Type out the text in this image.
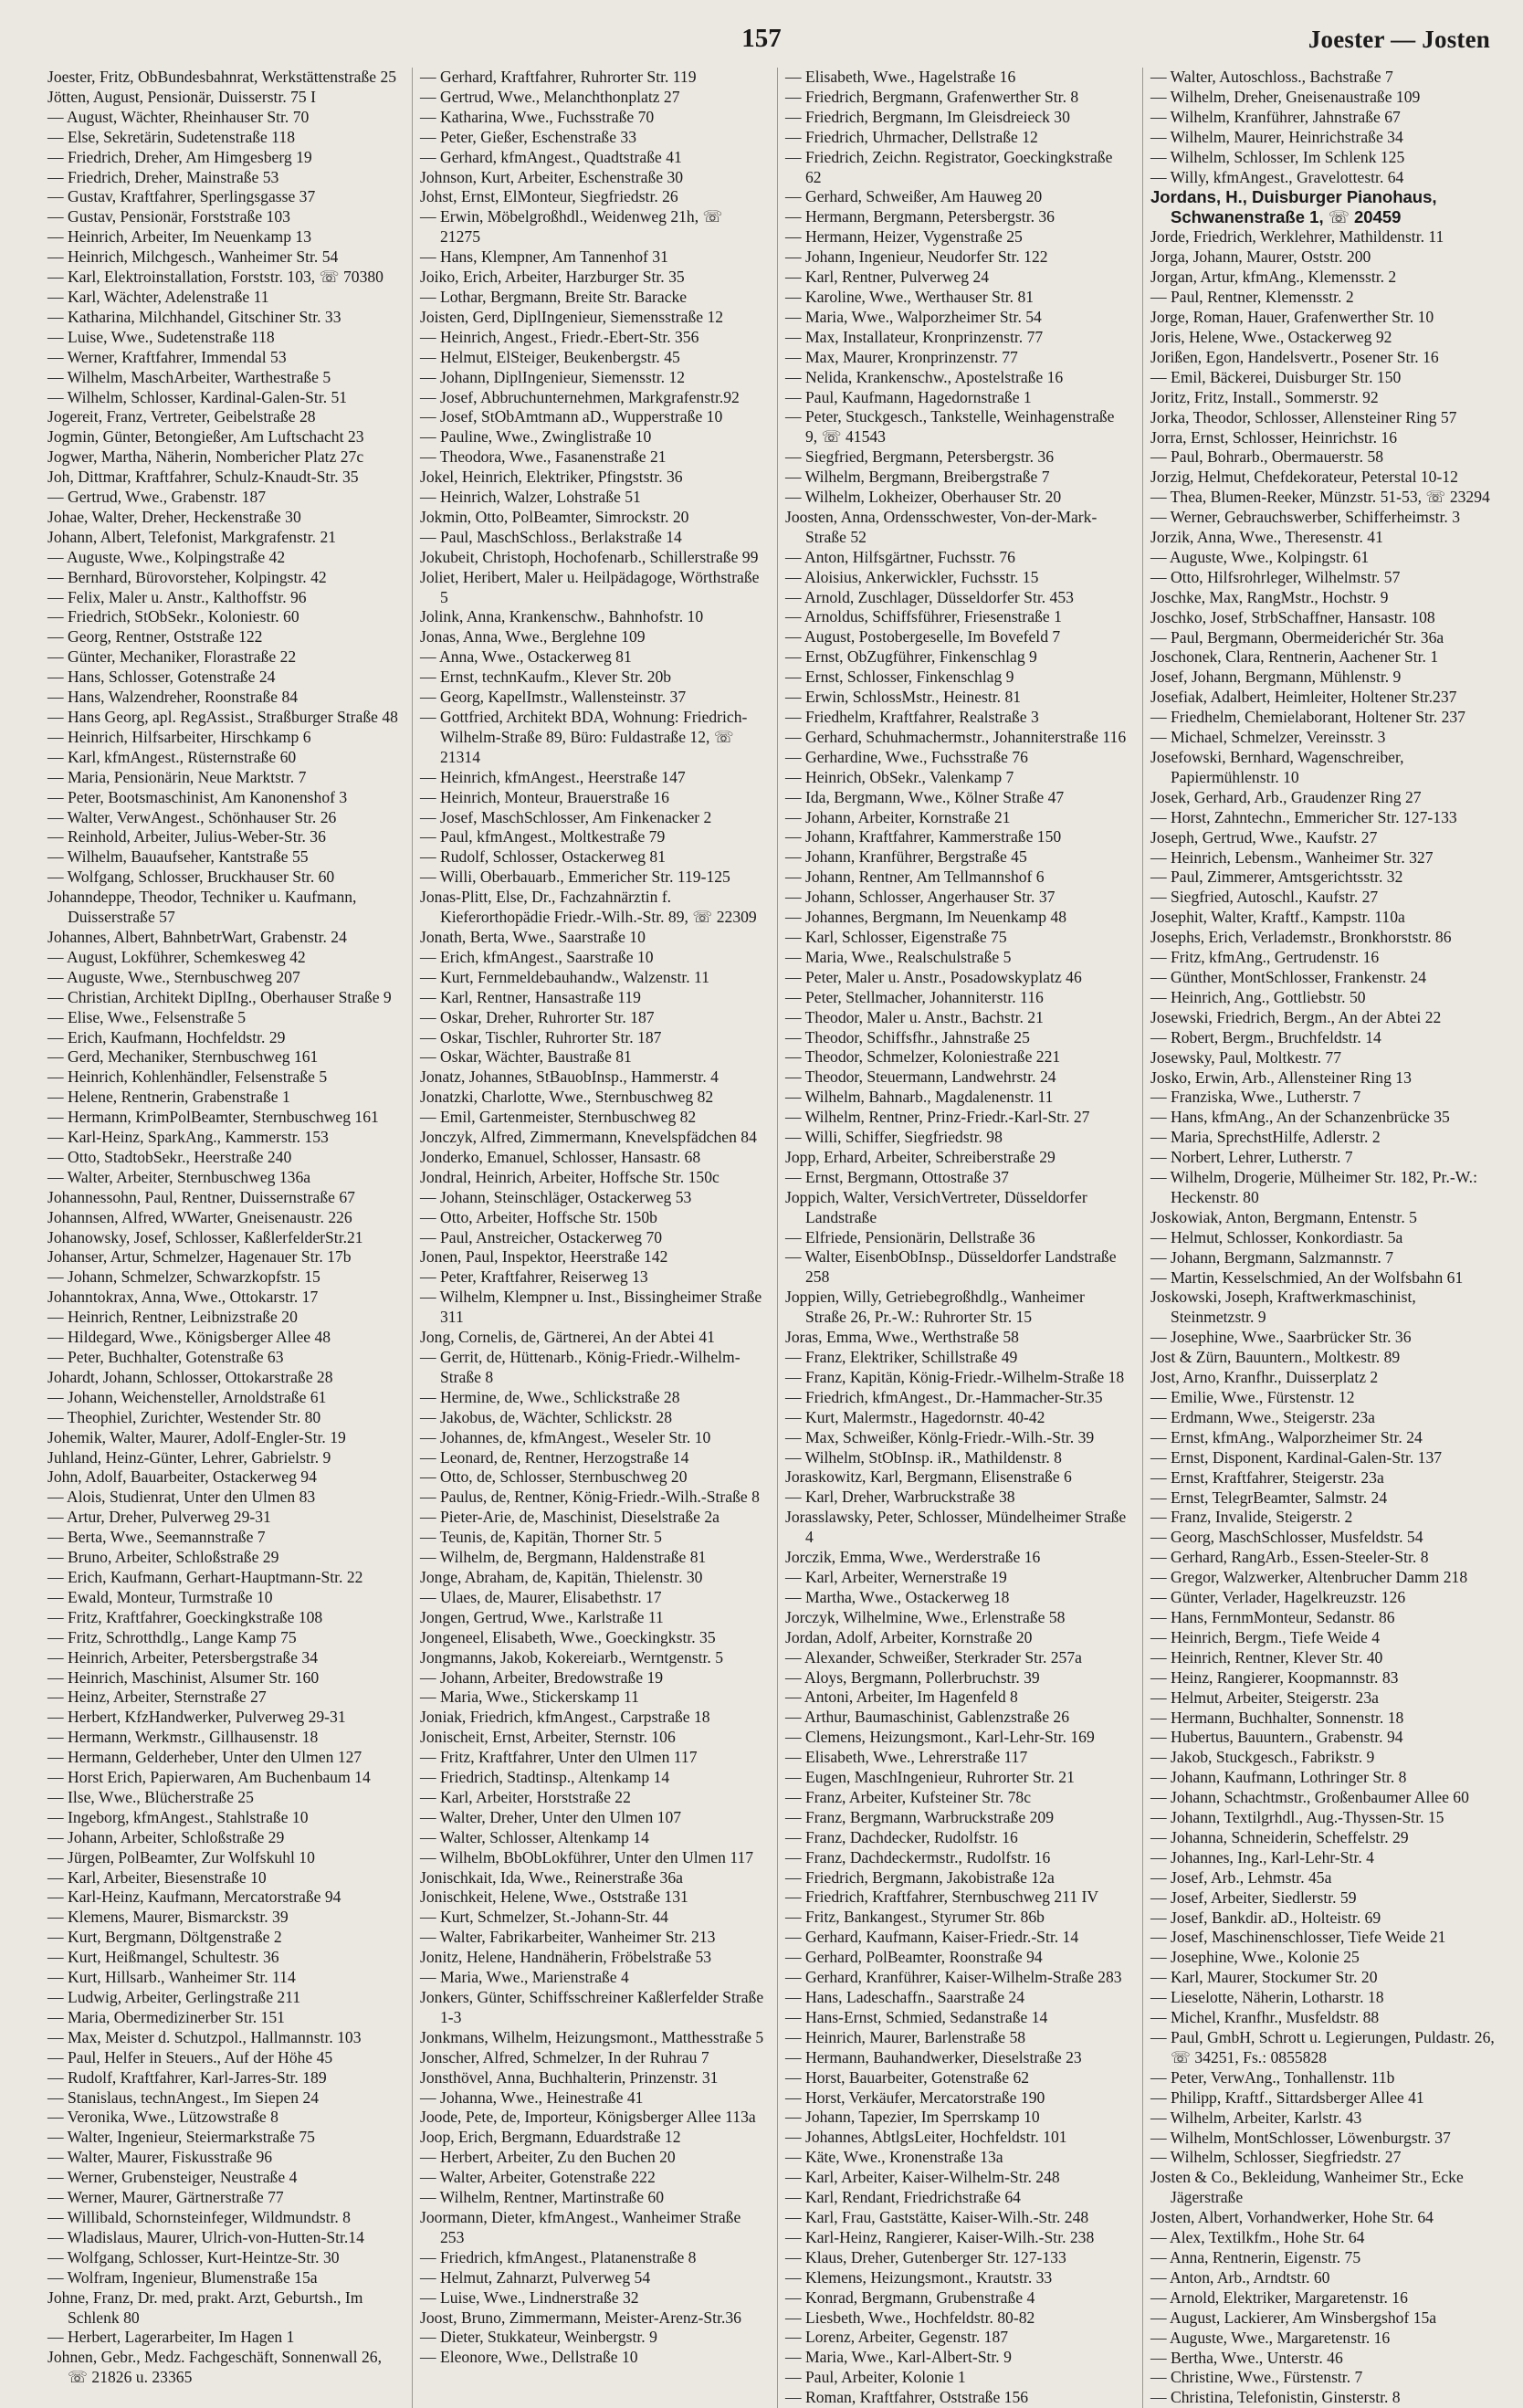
157	Joester — Josten

Joester, Fritz, ObBundesbahnrat, Werkstättenstraße 25

Jötten, August, Pensionär, Duisserstr. 75 I

— August, Wächter, Rheinhauser Str. 70

— Else, Sekretärin, Sudetenstraße 118

— Friedrich, Dreher, Am Himgesberg 19

— Friedrich, Dreher, Mainstraße 53

— Gustav, Kraftfahrer, Sperlingsgasse 37

— Gustav, Pensionär, Forststraße 103

— Heinrich, Arbeiter, Im Neuenkamp 13

— Heinrich, Milchgesch., Wanheimer Str. 54

— Karl, Elektroinstallation, Forststr. 103, ☏ 70380

— Karl, Wächter, Adelenstraße 11

— Katharina, Milchhandel, Gitschiner Str. 33

— Luise, Wwe., Sudetenstraße 118

— Werner, Kraftfahrer, Immendal 53

— Wilhelm, MaschArbeiter, Warthestraße 5

— Wilhelm, Schlosser, Kardinal-Galen-Str. 51

Jogereit, Franz, Vertreter, Geibelstraße 28

Jogmin, Günter, Betongießer, Am Luftschacht 23

Jogwer, Martha, Näherin, Nombericher Platz 27c

Joh, Dittmar, Kraftfahrer, Schulz-Knaudt-Str. 35

— Gertrud, Wwe., Grabenstr. 187

Johae, Walter, Dreher, Heckenstraße 30

Johann, Albert, Telefonist, Markgrafenstr. 21

— Auguste, Wwe., Kolpingstraße 42

— Bernhard, Bürovorsteher, Kolpingstr. 42

— Felix, Maler u. Anstr., Kalthoffstr. 96

— Friedrich, StObSekr., Koloniestr. 60

— Georg, Rentner, Oststraße 122

— Günter, Mechaniker, Florastraße 22

— Hans, Schlosser, Gotenstraße 24

— Hans, Walzendreher, Roonstraße 84

— Hans Georg, apl. RegAssist., Straßburger Straße 48

— Heinrich, Hilfsarbeiter, Hirschkamp 6

— Karl, kfmAngest., Rüsternstraße 60

— Maria, Pensionärin, Neue Marktstr. 7

— Peter, Bootsmaschinist, Am Kanonenshof 3

— Walter, VerwAngest., Schönhauser Str. 26

— Reinhold, Arbeiter, Julius-Weber-Str. 36

— Wilhelm, Bauaufseher, Kantstraße 55

— Wolfgang, Schlosser, Bruckhauser Str. 60

Johanndeppe, Theodor, Techniker u. Kaufmann, Duisserstraße 57

Johannes, Albert, BahnbetrWart, Grabenstr. 24

— August, Lokführer, Schemkesweg 42

— Auguste, Wwe., Sternbuschweg 207

— Christian, Architekt DiplIng., Oberhauser Straße 9

— Elise, Wwe., Felsenstraße 5

— Erich, Kaufmann, Hochfeldstr. 29

— Gerd, Mechaniker, Sternbuschweg 161

— Heinrich, Kohlenhändler, Felsenstraße 5

— Helene, Rentnerin, Grabenstraße 1

— Hermann, KrimPolBeamter, Sternbuschweg 161

— Karl-Heinz, SparkAng., Kammerstr. 153

— Otto, StadtobSekr., Heerstraße 240

— Walter, Arbeiter, Sternbuschweg 136a

Johannessohn, Paul, Rentner, Duissernstraße 67

Johannsen, Alfred, WWarter, Gneisenaustr. 226

Johanowsky, Josef, Schlosser, KaßlerfelderStr.21

Johanser, Artur, Schmelzer, Hagenauer Str. 17b

— Johann, Schmelzer, Schwarzkopfstr. 15

Johanntokrax, Anna, Wwe., Ottokarstr. 17

— Heinrich, Rentner, Leibnizstraße 20

— Hildegard, Wwe., Königsberger Allee 48

— Peter, Buchhalter, Gotenstraße 63

Johardt, Johann, Schlosser, Ottokarstraße 28

— Johann, Weichensteller, Arnoldstraße 61

— Theophiel, Zurichter, Westender Str. 80

Johemik, Walter, Maurer, Adolf-Engler-Str. 19

Juhland, Heinz-Günter, Lehrer, Gabrielstr. 9

John, Adolf, Bauarbeiter, Ostackerweg 94

— Alois, Studienrat, Unter den Ulmen 83

— Artur, Dreher, Pulverweg 29-31

— Berta, Wwe., Seemannstraße 7

— Bruno, Arbeiter, Schloßstraße 29

— Erich, Kaufmann, Gerhart-Hauptmann-Str. 22

— Ewald, Monteur, Turmstraße 10

— Fritz, Kraftfahrer, Goeckingkstraße 108

— Fritz, Schrotthdlg., Lange Kamp 75

— Heinrich, Arbeiter, Petersbergstraße 34

— Heinrich, Maschinist, Alsumer Str. 160

— Heinz, Arbeiter, Sternstraße 27

— Herbert, KfzHandwerker, Pulverweg 29-31

— Hermann, Werkmstr., Gillhausenstr. 18

— Hermann, Gelderheber, Unter den Ulmen 127

— Horst Erich, Papierwaren, Am Buchenbaum 14

— Ilse, Wwe., Blücherstraße 25

— Ingeborg, kfmAngest., Stahlstraße 10

— Johann, Arbeiter, Schloßstraße 29

— Jürgen, PolBeamter, Zur Wolfskuhl 10

— Karl, Arbeiter, Biesenstraße 10

— Karl-Heinz, Kaufmann, Mercatorstraße 94

— Klemens, Maurer, Bismarckstr. 39

— Kurt, Bergmann, Döltgenstraße 2

— Kurt, Heißmangel, Schultestr. 36

— Kurt, Hillsarb., Wanheimer Str. 114

— Ludwig, Arbeiter, Gerlingstraße 211

— Maria, Obermedizinerber Str. 151

— Max, Meister d. Schutzpol., Hallmannstr. 103

— Paul, Helfer in Steuers., Auf der Höhe 45

— Rudolf, Kraftfahrer, Karl-Jarres-Str. 189

— Stanislaus, technAngest., Im Siepen 24

— Veronika, Wwe., Lützowstraße 8

— Walter, Ingenieur, Steiermarkstraße 75

— Walter, Maurer, Fiskusstraße 96

— Werner, Grubensteiger, Neustraße 4

— Werner, Maurer, Gärtnerstraße 77

— Willibald, Schornsteinfeger, Wildmundstr. 8

— Wladislaus, Maurer, Ulrich-von-Hutten-Str.14

— Wolfgang, Schlosser, Kurt-Heintze-Str. 30

— Wolfram, Ingenieur, Blumenstraße 15a

Johne, Franz, Dr. med, prakt. Arzt, Geburtsh., Im Schlenk 80

— Herbert, Lagerarbeiter, Im Hagen 1

Johnen, Gebr., Medz. Fachgeschäft, Sonnenwall 26, ☏ 21826 u. 23365

— Gerhard, Kraftfahrer, Ruhrorter Str. 119

— Gertrud, Wwe., Melanchthonplatz 27

— Katharina, Wwe., Fuchsstraße 70

— Peter, Gießer, Eschenstraße 33

— Gerhard, kfmAngest., Quadtstraße 41

Johnson, Kurt, Arbeiter, Eschenstraße 30

Johst, Ernst, ElMonteur, Siegfriedstr. 26

— Erwin, Möbelgroßhdl., Weidenweg 21h, ☏ 21275

— Hans, Klempner, Am Tannenhof 31

Joiko, Erich, Arbeiter, Harzburger Str. 35

— Lothar, Bergmann, Breite Str. Baracke

Joisten, Gerd, DiplIngenieur, Siemensstraße 12

— Heinrich, Angest., Friedr.-Ebert-Str. 356

— Helmut, ElSteiger, Beukenbergstr. 45

— Johann, DiplIngenieur, Siemensstr. 12

— Josef, Abbruchunternehmen, Markgrafenstr.92

— Josef, StObAmtmann aD., Wupperstraße 10

— Pauline, Wwe., Zwinglistraße 10

— Theodora, Wwe., Fasanenstraße 21

Jokel, Heinrich, Elektriker, Pfingststr. 36

— Heinrich, Walzer, Lohstraße 51

Jokmin, Otto, PolBeamter, Simrockstr. 20

— Paul, MaschSchloss., Berlakstraße 14

Jokubeit, Christoph, Hochofenarb., Schillerstraße 99

Joliet, Heribert, Maler u. Heilpädagoge, Wörthstraße 5

Jolink, Anna, Krankenschw., Bahnhofstr. 10

Jonas, Anna, Wwe., Berglehne 109

— Anna, Wwe., Ostackerweg 81

— Ernst, technKaufm., Klever Str. 20b

— Georg, KapelImstr., Wallensteinstr. 37

— Gottfried, Architekt BDA, Wohnung: Friedrich-Wilhelm-Straße 89, Büro: Fuldastraße 12, ☏ 21314

— Heinrich, kfmAngest., Heerstraße 147

— Heinrich, Monteur, Brauerstraße 16

— Josef, MaschSchlosser, Am Finkenacker 2

— Paul, kfmAngest., Moltkestraße 79

— Rudolf, Schlosser, Ostackerweg 81

— Willi, Oberbauarb., Emmericher Str. 119-125

Jonas-Plitt, Else, Dr., Fachzahnärztin f. Kieferorthopädie Friedr.-Wilh.-Str. 89, ☏ 22309

Jonath, Berta, Wwe., Saarstraße 10

— Erich, kfmAngest., Saarstraße 10

— Kurt, Fernmeldebauhandw., Walzenstr. 11

— Karl, Rentner, Hansastraße 119

— Oskar, Dreher, Ruhrorter Str. 187

— Oskar, Tischler, Ruhrorter Str. 187

— Oskar, Wächter, Baustraße 81

Jonatz, Johannes, StBauobInsp., Hammerstr. 4

Jonatzki, Charlotte, Wwe., Sternbuschweg 82

— Emil, Gartenmeister, Sternbuschweg 82

Jonczyk, Alfred, Zimmermann, Knevelspfädchen 84

Jonderko, Emanuel, Schlosser, Hansastr. 68

Jondral, Heinrich, Arbeiter, Hoffsche Str. 150c

— Johann, Steinschläger, Ostackerweg 53

— Otto, Arbeiter, Hoffsche Str. 150b

— Paul, Anstreicher, Ostackerweg 70

Jonen, Paul, Inspektor, Heerstraße 142

— Peter, Kraftfahrer, Reiserweg 13

— Wilhelm, Klempner u. Inst., Bissingheimer Straße 311

Jong, Cornelis, de, Gärtnerei, An der Abtei 41

— Gerrit, de, Hüttenarb., König-Friedr.-Wilhelm-Straße 8

— Hermine, de, Wwe., Schlickstraße 28

— Jakobus, de, Wächter, Schlickstr. 28

— Johannes, de, kfmAngest., Weseler Str. 10

— Leonard, de, Rentner, Herzogstraße 14

— Otto, de, Schlosser, Sternbuschweg 20

— Paulus, de, Rentner, König-Friedr.-Wilh.-Straße 8

— Pieter-Arie, de, Maschinist, Dieselstraße 2a

— Teunis, de, Kapitän, Thorner Str. 5

— Wilhelm, de, Bergmann, Haldenstraße 81

Jonge, Abraham, de, Kapitän, Thielenstr. 30

— Ulaes, de, Maurer, Elisabethstr. 17

Jongen, Gertrud, Wwe., Karlstraße 11

Jongeneel, Elisabeth, Wwe., Goeckingkstr. 35

Jongmanns, Jakob, Kokereiarb., Werntgenstr. 5

— Johann, Arbeiter, Bredowstraße 19

— Maria, Wwe., Stickerskamp 11

Joniak, Friedrich, kfmAngest., Carpstraße 18

Jonischeit, Ernst, Arbeiter, Sternstr. 106

— Fritz, Kraftfahrer, Unter den Ulmen 117

— Friedrich, Stadtinsp., Altenkamp 14

— Karl, Arbeiter, Horststraße 22

— Walter, Dreher, Unter den Ulmen 107

— Walter, Schlosser, Altenkamp 14

— Wilhelm, BbObLokführer, Unter den Ulmen 117

Jonischkait, Ida, Wwe., Reinerstraße 36a

Jonischkeit, Helene, Wwe., Oststraße 131

— Kurt, Schmelzer, St.-Johann-Str. 44

— Walter, Fabrikarbeiter, Wanheimer Str. 213

Jonitz, Helene, Handnäherin, Fröbelstraße 53

— Maria, Wwe., Marienstraße 4

Jonkers, Günter, Schiffsschreiner Kaßlerfelder Straße 1-3

Jonkmans, Wilhelm, Heizungsmont., Matthesstraße 5

Jonscher, Alfred, Schmelzer, In der Ruhrau 7

Jonsthövel, Anna, Buchhalterin, Prinzenstr. 31

— Johanna, Wwe., Heinestraße 41

Joode, Pete, de, Importeur, Königsberger Allee 113a

Joop, Erich, Bergmann, Eduardstraße 12

— Herbert, Arbeiter, Zu den Buchen 20

— Walter, Arbeiter, Gotenstraße 222

— Wilhelm, Rentner, Martinstraße 60

Joormann, Dieter, kfmAngest., Wanheimer Straße 253

— Friedrich, kfmAngest., Platanenstraße 8

— Helmut, Zahnarzt, Pulverweg 54

— Luise, Wwe., Lindnerstraße 32

Joost, Bruno, Zimmermann, Meister-Arenz-Str.36

— Dieter, Stukkateur, Weinbergstr. 9

— Eleonore, Wwe., Dellstraße 10

— Elisabeth, Wwe., Hagelstraße 16

— Friedrich, Bergmann, Grafenwerther Str. 8

— Friedrich, Bergmann, Im Gleisdreieck 30

— Friedrich, Uhrmacher, Dellstraße 12

— Friedrich, Zeichn. Registrator, Goeckingkstraße 62

— Gerhard, Schweißer, Am Hauweg 20

— Hermann, Bergmann, Petersbergstr. 36

— Hermann, Heizer, Vygenstraße 25

— Johann, Ingenieur, Neudorfer Str. 122

— Karl, Rentner, Pulverweg 24

— Karoline, Wwe., Werthauser Str. 81

— Maria, Wwe., Walporzheimer Str. 54

— Max, Installateur, Kronprinzenstr. 77

— Max, Maurer, Kronprinzenstr. 77

— Nelida, Krankenschw., Apostelstraße 16

— Paul, Kaufmann, Hagedornstraße 1

— Peter, Stuckgesch., Tankstelle, Weinhagenstraße 9, ☏ 41543

— Siegfried, Bergmann, Petersbergstr. 36

— Wilhelm, Bergmann, Breibergstraße 7

— Wilhelm, Lokheizer, Oberhauser Str. 20

Joosten, Anna, Ordensschwester, Von-der-Mark-Straße 52

— Anton, Hilfsgärtner, Fuchsstr. 76

— Aloisius, Ankerwickler, Fuchsstr. 15

— Arnold, Zuschlager, Düsseldorfer Str. 453

— Arnoldus, Schiffsführer, Friesenstraße 1

— August, Postobergeselle, Im Bovefeld 7

— Ernst, ObZugführer, Finkenschlag 9

— Ernst, Schlosser, Finkenschlag 9

— Erwin, SchlossMstr., Heinestr. 81

— Friedhelm, Kraftfahrer, Realstraße 3

— Gerhard, Schuhmachermstr., Johanniterstraße 116

— Gerhardine, Wwe., Fuchsstraße 76

— Heinrich, ObSekr., Valenkamp 7

— Ida, Bergmann, Wwe., Kölner Straße 47

— Johann, Arbeiter, Kornstraße 21

— Johann, Kraftfahrer, Kammerstraße 150

— Johann, Kranführer, Bergstraße 45

— Johann, Rentner, Am Tellmannshof 6

— Johann, Schlosser, Angerhauser Str. 37

— Johannes, Bergmann, Im Neuenkamp 48

— Karl, Schlosser, Eigenstraße 75

— Maria, Wwe., Realschulstraße 5

— Peter, Maler u. Anstr., Posadowskyplatz 46

— Peter, Stellmacher, Johanniterstr. 116

— Theodor, Maler u. Anstr., Bachstr. 21

— Theodor, Schiffsfhr., Jahnstraße 25

— Theodor, Schmelzer, Koloniestraße 221

— Theodor, Steuermann, Landwehrstr. 24

— Wilhelm, Bahnarb., Magdalenenstr. 11

— Wilhelm, Rentner, Prinz-Friedr.-Karl-Str. 27

— Willi, Schiffer, Siegfriedstr. 98

Jopp, Erhard, Arbeiter, Schreiberstraße 29

— Ernst, Bergmann, Ottostraße 37

Joppich, Walter, VersichVertreter, Düsseldorfer Landstraße

— Elfriede, Pensionärin, Dellstraße 36

— Walter, EisenbObInsp., Düsseldorfer Landstraße 258

Joppien, Willy, Getriebegroßhdlg., Wanheimer Straße 26, Pr.-W.: Ruhrorter Str. 15

Joras, Emma, Wwe., Werthstraße 58

— Franz, Elektriker, Schillstraße 49

— Franz, Kapitän, König-Friedr.-Wilhelm-Straße 18

— Friedrich, kfmAngest., Dr.-Hammacher-Str.35

— Kurt, Malermstr., Hagedornstr. 40-42

— Max, Schweißer, Könlg-Friedr.-Wilh.-Str. 39

— Wilhelm, StObInsp. iR., Mathildenstr. 8

Joraskowitz, Karl, Bergmann, Elisenstraße 6

— Karl, Dreher, Warbruckstraße 38

Jorasslawsky, Peter, Schlosser, Mündelheimer Straße 4

Jorczik, Emma, Wwe., Werderstraße 16

— Karl, Arbeiter, Wernerstraße 19

— Martha, Wwe., Ostackerweg 18

Jorczyk, Wilhelmine, Wwe., Erlenstraße 58

Jordan, Adolf, Arbeiter, Kornstraße 20

— Alexander, Schweißer, Sterkrader Str. 257a

— Aloys, Bergmann, Pollerbruchstr. 39

— Antoni, Arbeiter, Im Hagenfeld 8

— Arthur, Baumaschinist, Gablenzstraße 26

— Clemens, Heizungsmont., Karl-Lehr-Str. 169

— Elisabeth, Wwe., Lehrerstraße 117

— Eugen, MaschIngenieur, Ruhrorter Str. 21

— Franz, Arbeiter, Kufsteiner Str. 78c

— Franz, Bergmann, Warbruckstraße 209

— Franz, Dachdecker, Rudolfstr. 16

— Franz, Dachdeckermstr., Rudolfstr. 16

— Friedrich, Bergmann, Jakobistraße 12a

— Friedrich, Kraftfahrer, Sternbuschweg 211 IV

— Fritz, Bankangest., Styrumer Str. 86b

— Gerhard, Kaufmann, Kaiser-Friedr.-Str. 14

— Gerhard, PolBeamter, Roonstraße 94

— Gerhard, Kranführer, Kaiser-Wilhelm-Straße 283

— Hans, Ladeschaffn., Saarstraße 24

— Hans-Ernst, Schmied, Sedanstraße 14

— Heinrich, Maurer, Barlenstraße 58

— Hermann, Bauhandwerker, Dieselstraße 23

— Horst, Bauarbeiter, Gotenstraße 62

— Horst, Verkäufer, Mercatorstraße 190

— Johann, Tapezier, Im Sperrskamp 10

— Johannes, AbtlgsLeiter, Hochfeldstr. 101

— Käte, Wwe., Kronenstraße 13a

— Karl, Arbeiter, Kaiser-Wilhelm-Str. 248

— Karl, Rendant, Friedrichstraße 64

— Karl, Frau, Gaststätte, Kaiser-Wilh.-Str. 248

— Karl-Heinz, Rangierer, Kaiser-Wilh.-Str. 238

— Klaus, Dreher, Gutenberger Str. 127-133

— Klemens, Heizungsmont., Krautstr. 33

— Konrad, Bergmann, Grubenstraße 4

— Liesbeth, Wwe., Hochfeldstr. 80-82

— Lorenz, Arbeiter, Gegenstr. 187

— Maria, Wwe., Karl-Albert-Str. 9

— Paul, Arbeiter, Kolonie 1

— Roman, Kraftfahrer, Oststraße 156

— Walter, Autoschloss., Bachstraße 7

— Wilhelm, Dreher, Gneisenaustraße 109

— Wilhelm, Kranführer, Jahnstraße 67

— Wilhelm, Maurer, Heinrichstraße 34

— Wilhelm, Schlosser, Im Schlenk 125

— Willy, kfmAngest., Gravelottestr. 64

Jordans, H., Duisburger Pianohaus, Schwanenstraße 1, ☏ 20459

Jorde, Friedrich, Werklehrer, Mathildenstr. 11

Jorga, Johann, Maurer, Oststr. 200

Jorgan, Artur, kfmAng., Klemensstr. 2

— Paul, Rentner, Klemensstr. 2

Jorge, Roman, Hauer, Grafenwerther Str. 10

Joris, Helene, Wwe., Ostackerweg 92

Jorißen, Egon, Handelsvertr., Posener Str. 16

— Emil, Bäckerei, Duisburger Str. 150

Joritz, Fritz, Install., Sommerstr. 92

Jorka, Theodor, Schlosser, Allensteiner Ring 57

Jorra, Ernst, Schlosser, Heinrichstr. 16

— Paul, Bohrarb., Obermauerstr. 58

Jorzig, Helmut, Chefdekorateur, Peterstal 10-12

— Thea, Blumen-Reeker, Münzstr. 51-53, ☏ 23294

— Werner, Gebrauchswerber, Schifferheimstr. 3

Jorzik, Anna, Wwe., Theresenstr. 41

— Auguste, Wwe., Kolpingstr. 61

— Otto, Hilfsrohrleger, Wilhelmstr. 57

Joschke, Max, RangMstr., Hochstr. 9

Joschko, Josef, StrbSchaffner, Hansastr. 108

— Paul, Bergmann, Obermeiderichér Str. 36a

Joschonek, Clara, Rentnerin, Aachener Str. 1

Josef, Johann, Bergmann, Mühlenstr. 9

Josefiak, Adalbert, Heimleiter, Holtener Str.237

— Friedhelm, Chemielaborant, Holtener Str. 237

— Michael, Schmelzer, Vereinsstr. 3

Josefowski, Bernhard, Wagenschreiber, Papiermühlenstr. 10

Josek, Gerhard, Arb., Graudenzer Ring 27

— Horst, Zahntechn., Emmericher Str. 127-133

Joseph, Gertrud, Wwe., Kaufstr. 27

— Heinrich, Lebensm., Wanheimer Str. 327

— Paul, Zimmerer, Amtsgerichtsstr. 32

— Siegfried, Autoschl., Kaufstr. 27

Josephit, Walter, Kraftf., Kampstr. 110a

Josephs, Erich, Verlademstr., Bronkhorststr. 86

— Fritz, kfmAng., Gertrudenstr. 16

— Günther, MontSchlosser, Frankenstr. 24

— Heinrich, Ang., Gottliebstr. 50

Josewski, Friedrich, Bergm., An der Abtei 22

— Robert, Bergm., Bruchfeldstr. 14

Josewsky, Paul, Moltkestr. 77

Josko, Erwin, Arb., Allensteiner Ring 13

— Franziska, Wwe., Lutherstr. 7

— Hans, kfmAng., An der Schanzenbrücke 35

— Maria, SprechstHilfe, Adlerstr. 2

— Norbert, Lehrer, Lutherstr. 7

— Wilhelm, Drogerie, Mülheimer Str. 182, Pr.-W.: Heckenstr. 80

Joskowiak, Anton, Bergmann, Entenstr. 5

— Helmut, Schlosser, Konkordiastr. 5a

— Johann, Bergmann, Salzmannstr. 7

— Martin, Kesselschmied, An der Wolfsbahn 61

Joskowski, Joseph, Kraftwerkmaschinist, Steinmetzstr. 9

— Josephine, Wwe., Saarbrücker Str. 36

Jost & Zürn, Bauuntern., Moltkestr. 89

Jost, Arno, Kranfhr., Duisserplatz 2

— Emilie, Wwe., Fürstenstr. 12

— Erdmann, Wwe., Steigerstr. 23a

— Ernst, kfmAng., Walporzheimer Str. 24

— Ernst, Disponent, Kardinal-Galen-Str. 137

— Ernst, Kraftfahrer, Steigerstr. 23a

— Ernst, TelegrBeamter, Salmstr. 24

— Franz, Invalide, Steigerstr. 2

— Georg, MaschSchlosser, Musfeldstr. 54

— Gerhard, RangArb., Essen-Steeler-Str. 8

— Gregor, Walzwerker, Altenbrucher Damm 218

— Günter, Verlader, Hagelkreuzstr. 126

— Hans, FernmMonteur, Sedanstr. 86

— Heinrich, Bergm., Tiefe Weide 4

— Heinrich, Rentner, Klever Str. 40

— Heinz, Rangierer, Koopmannstr. 83

— Helmut, Arbeiter, Steigerstr. 23a

— Hermann, Buchhalter, Sonnenstr. 18

— Hubertus, Bauuntern., Grabenstr. 94

— Jakob, Stuckgesch., Fabrikstr. 9

— Johann, Kaufmann, Lothringer Str. 8

— Johann, Schachtmstr., Großenbaumer Allee 60

— Johann, Textilgrhdl., Aug.-Thyssen-Str. 15

— Johanna, Schneiderin, Scheffelstr. 29

— Johannes, Ing., Karl-Lehr-Str. 4

— Josef, Arb., Lehmstr. 45a

— Josef, Arbeiter, Siedlerstr. 59

— Josef, Bankdir. aD., Holteistr. 69

— Josef, Maschinenschlosser, Tiefe Weide 21

— Josephine, Wwe., Kolonie 25

— Karl, Maurer, Stockumer Str. 20

— Lieselotte, Näherin, Lotharstr. 18

— Michel, Kranfhr., Musfeldstr. 88

— Paul, GmbH, Schrott u. Legierungen, Puldastr. 26, ☏ 34251, Fs.: 0855828

— Peter, VerwAng., Tonhallenstr. 11b

— Philipp, Kraftf., Sittardsberger Allee 41

— Wilhelm, Arbeiter, Karlstr. 43

— Wilhelm, MontSchlosser, Löwenburgstr. 37

— Wilhelm, Schlosser, Siegfriedstr. 27

Josten & Co., Bekleidung, Wanheimer Str., Ecke Jägerstraße

Josten, Albert, Vorhandwerker, Hohe Str. 64

— Alex, Textilkfm., Hohe Str. 64

— Anna, Rentnerin, Eigenstr. 75

— Anton, Arb., Arndtstr. 60

— Arnold, Elektriker, Margaretenstr. 16

— August, Lackierer, Am Winsbergshof 15a

— Auguste, Wwe., Margaretenstr. 16

— Bertha, Wwe., Unterstr. 46

— Christine, Wwe., Fürstenstr. 7

— Christina, Telefonistin, Ginsterstr. 8
